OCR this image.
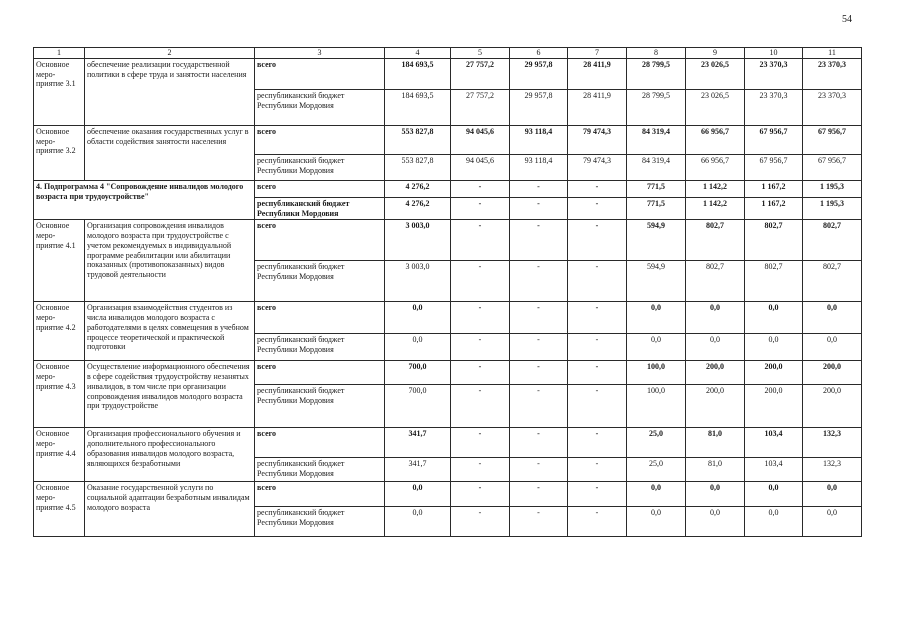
54
1	2	3	4	5	6	7	8	9	10	11
Основное меро-приятие 3.1	обеспечение реализации государственной политики в сфере труда и занятости населения	всего	184 693,5	27 757,2	29 957,8	28 411,9	28 799,5	23 026,5	23 370,3	23 370,3
		республиканский бюджет Республики Мордовия	184 693,5	27 757,2	29 957,8	28 411,9	28 799,5	23 026,5	23 370,3	23 370,3
Основное меро-приятие 3.2	обеспечение оказания государственных услуг в области содействия занятости населения	всего	553 827,8	94 045,6	93 118,4	79 474,3	84 319,4	66 956,7	67 956,7	67 956,7
		республиканский бюджет Республики Мордовия	553 827,8	94 045,6	93 118,4	79 474,3	84 319,4	66 956,7	67 956,7	67 956,7
4. Подпрограмма 4 "Сопровождение инвалидов молодого возраста при трудоустройстве"		всего	4 276,2	-	-	-	771,5	1 142,2	1 167,2	1 195,3
		республиканский бюджет Республики Мордовия	4 276,2	-	-	-	771,5	1 142,2	1 167,2	1 195,3
Основное меро-приятие 4.1	Организация сопровождения инвалидов молодого возраста при трудоустройстве с учетом рекомендуемых в индивидуальной программе реабилитации или абилитации показанных (противопоказанных) видов трудовой деятельности	всего	3 003,0	-	-	-	594,9	802,7	802,7	802,7
		республиканский бюджет Республики Мордовия	3 003,0	-	-	-	594,9	802,7	802,7	802,7
Основное меро-приятие 4.2	Организация взаимодействия студентов из числа инвалидов молодого возраста с работодателями в целях совмещения в учебном процессе теоретической и практической подготовки	всего	0,0	-	-	-	0,0	0,0	0,0	0,0
		республиканский бюджет Республики Мордовия	0,0	-	-	-	0,0	0,0	0,0	0,0
Основное меро-приятие 4.3	Осуществление информационного обеспечения в сфере содействия трудоустройству незанятых инвалидов, в том числе при организации сопровождения инвалидов молодого возраста при трудоустройстве	всего	700,0	-	-	-	100,0	200,0	200,0	200,0
		республиканский бюджет Республики Мордовия	700,0	-	-	-	100,0	200,0	200,0	200,0
Основное меро-приятие 4.4	Организация профессионального обучения и дополнительного профессионального образования инвалидов молодого возраста, являющихся безработными	всего	341,7	-	-	-	25,0	81,0	103,4	132,3
		республиканский бюджет Республики Мордовия	341,7	-	-	-	25,0	81,0	103,4	132,3
Основное меро-приятие 4.5	Оказание государственной услуги по социальной адаптации безработным инвалидам молодого возраста	всего	0,0	-	-	-	0,0	0,0	0,0	0,0
		республиканский бюджет Республики Мордовия	0,0	-	-	-	0,0	0,0	0,0	0,0
